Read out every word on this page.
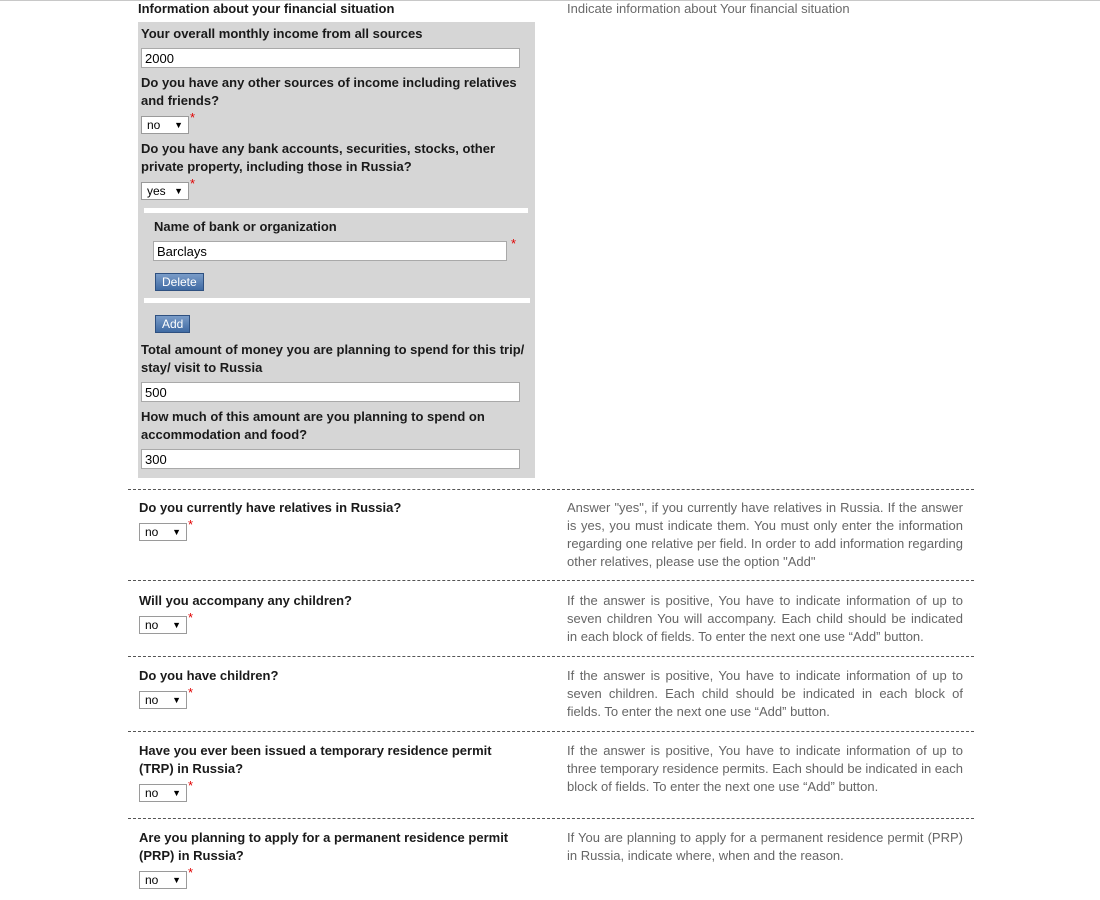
Information about your financial situation	Indicate information about Your financial situation
Your overall monthly income from all sources
2000
Do you have any other sources of income including relatives and friends?
no ▼ *
Do you have any bank accounts, securities, stocks, other private property, including those in Russia?
yes ▼ *
Name of bank or organization
Barclays
*
Delete
Add
Total amount of money you are planning to spend for this trip/ stay/ visit to Russia
500
How much of this amount are you planning to spend on accommodation and food?
300
Do you currently have relatives in Russia?
no ▼ *
Answer "yes", if you currently have relatives in Russia. If the answer is yes, you must indicate them. You must only enter the information regarding one relative per field. In order to add information regarding other relatives, please use the option "Add"
Will you accompany any children?
no ▼ *
If the answer is positive, You have to indicate information of up to seven children You will accompany. Each child should be indicated in each block of fields. To enter the next one use “Add” button.
Do you have children?
no ▼ *
If the answer is positive, You have to indicate information of up to seven children. Each child should be indicated in each block of fields. To enter the next one use “Add” button.
Have you ever been issued a temporary residence permit (TRP) in Russia?
no ▼ *
If the answer is positive, You have to indicate information of up to three temporary residence permits. Each should be indicated in each block of fields. To enter the next one use “Add” button.
Are you planning to apply for a permanent residence permit (PRP) in Russia?
no ▼ *
If You are planning to apply for a permanent residence permit (PRP) in Russia, indicate where, when and the reason.
